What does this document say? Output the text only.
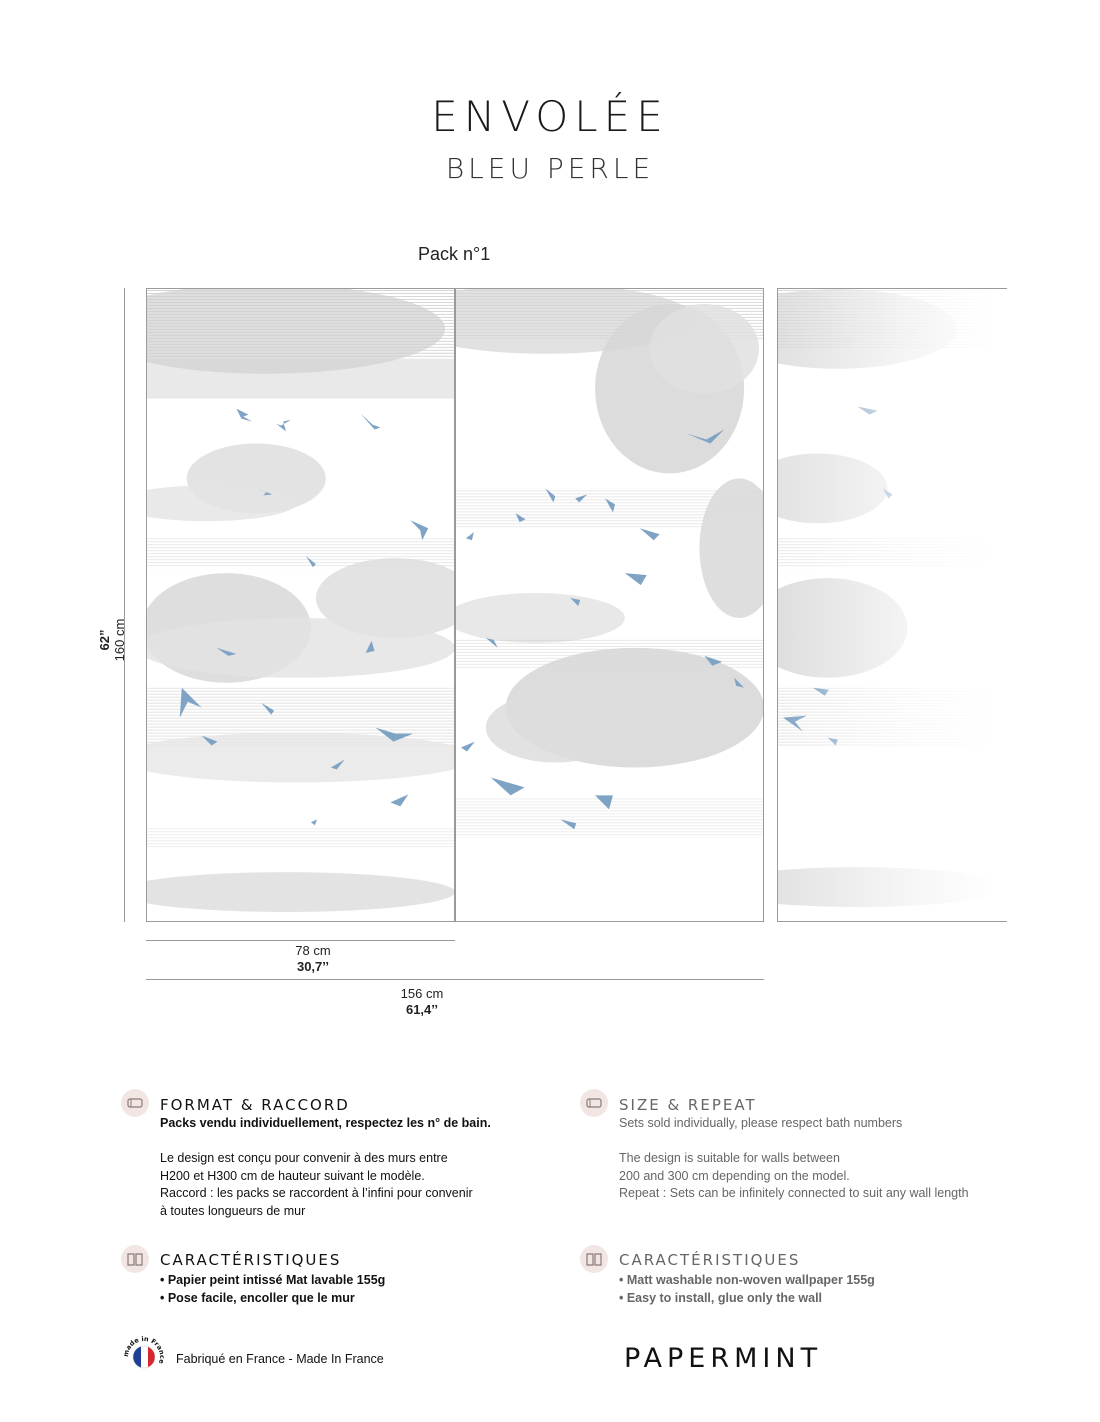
ENVOLÉE
BLEU PERLE
Pack n°1
62” 160 cm
78 cm
30,7’’
156 cm
61,4’’
FORMAT & RACCORD
Packs vendu individuellement, respectez les n° de bain.
Le design est conçu pour convenir à des murs entre
H200 et H300 cm de hauteur suivant le modèle.
Raccord : les packs se raccordent à l’infini pour convenir
à toutes longueurs de mur
SIZE & REPEAT
Sets sold individually, please respect bath numbers
The design is suitable for walls between
200 and 300 cm depending on the model.
Repeat : Sets can be infinitely connected to suit any wall length
CARACTÉRISTIQUES
• Papier peint intissé Mat lavable 155g
• Pose facile, encoller que le mur
CARACTÉRISTIQUES
• Matt washable non-woven wallpaper 155g
• Easy to install, glue only the wall
made in France Fabriqué en France - Made In France	PAPERMINT
